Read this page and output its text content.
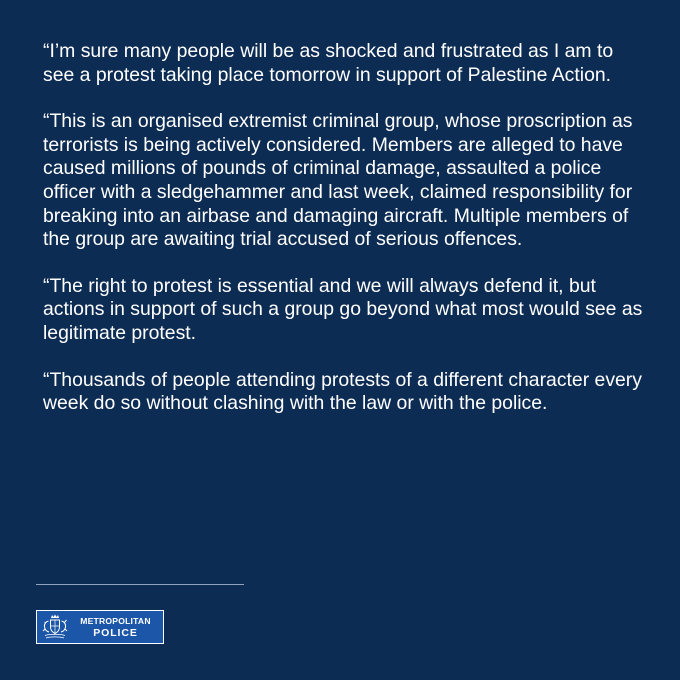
“I’m sure many people will be as shocked and frustrated as I am to see a protest taking place tomorrow in support of Palestine Action.

“This is an organised extremist criminal group, whose proscription as terrorists is being actively considered. Members are alleged to have caused millions of pounds of criminal damage, assaulted a police officer with a sledgehammer and last week, claimed responsibility for breaking into an airbase and damaging aircraft. Multiple members of the group are awaiting trial accused of serious offences.

“The right to protest is essential and we will always defend it, but actions in support of such a group go beyond what most would see as legitimate protest.

“Thousands of people attending protests of a different character every week do so without clashing with the law or with the police.

METROPOLITAN
POLICE
